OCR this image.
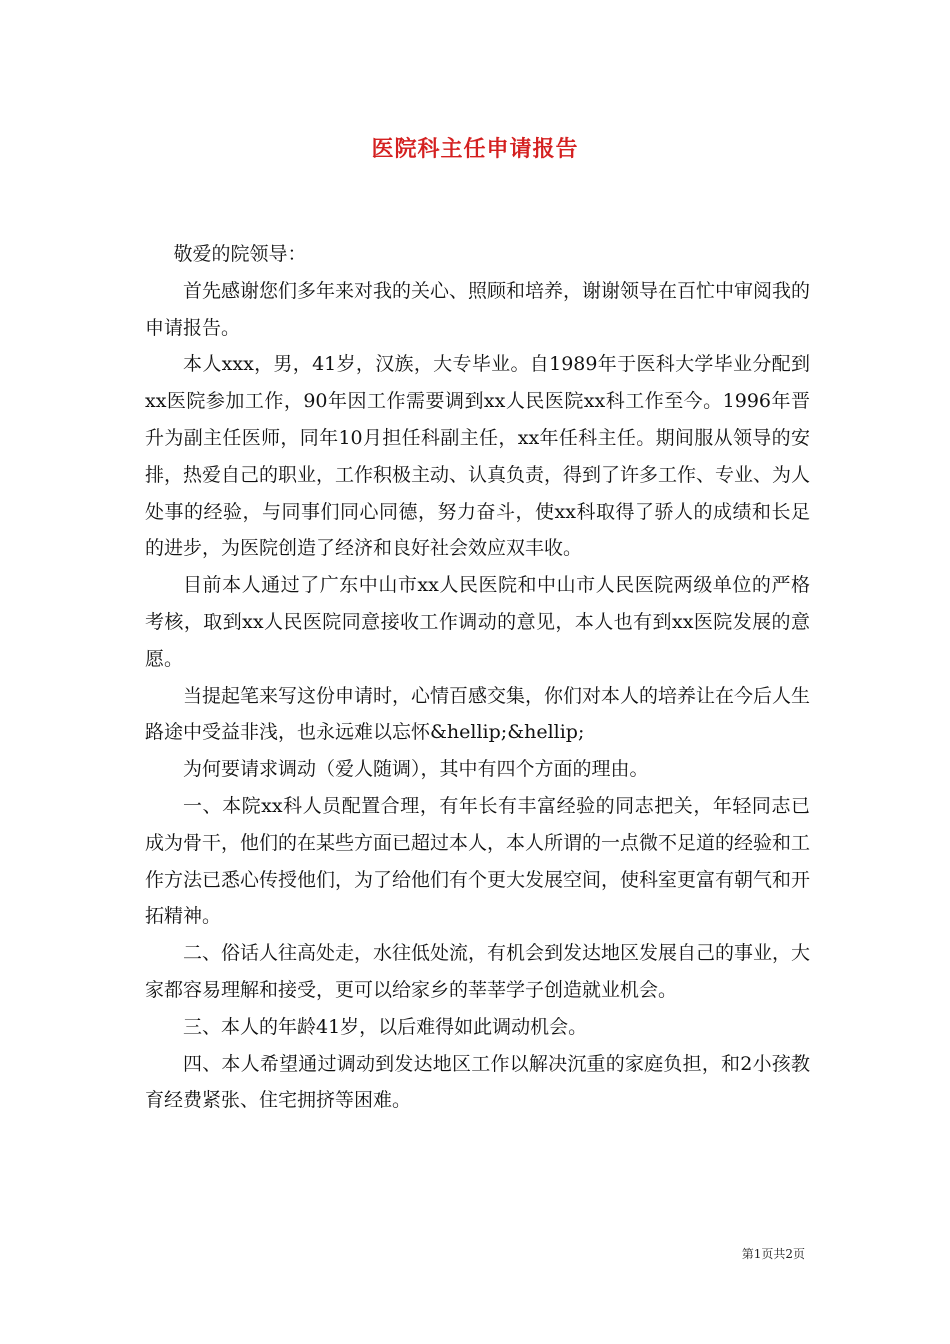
医院科主任申请报告

敬爱的院领导：

首先感谢您们多年来对我的关心、照顾和培养，谢谢领导在百忙中审阅我的申请报告。

本人xxx，男，41岁，汉族，大专毕业。自1989年于医科大学毕业分配到xx医院参加工作，90年因工作需要调到xx人民医院xx科工作至今。1996年晋升为副主任医师，同年10月担任科副主任，xx年任科主任。期间服从领导的安排，热爱自己的职业，工作积极主动、认真负责，得到了许多工作、专业、为人处事的经验，与同事们同心同德，努力奋斗，使xx科取得了骄人的成绩和长足的进步，为医院创造了经济和良好社会效应双丰收。

目前本人通过了广东中山市xx人民医院和中山市人民医院两级单位的严格考核，取到xx人民医院同意接收工作调动的意见，本人也有到xx医院发展的意愿。

当提起笔来写这份申请时，心情百感交集，你们对本人的培养让在今后人生路途中受益非浅，也永远难以忘怀&hellip;&hellip;

为何要请求调动（爱人随调），其中有四个方面的理由。

一、本院xx科人员配置合理，有年长有丰富经验的同志把关，年轻同志已成为骨干，他们的在某些方面已超过本人，本人所谓的一点微不足道的经验和工作方法已悉心传授他们，为了给他们有个更大发展空间，使科室更富有朝气和开拓精神。

二、俗话人往高处走，水往低处流，有机会到发达地区发展自己的事业，大家都容易理解和接受，更可以给家乡的莘莘学子创造就业机会。

三、本人的年龄41岁，以后难得如此调动机会。

四、本人希望通过调动到发达地区工作以解决沉重的家庭负担，和2小孩教育经费紧张、住宅拥挤等困难。

第1页共2页
